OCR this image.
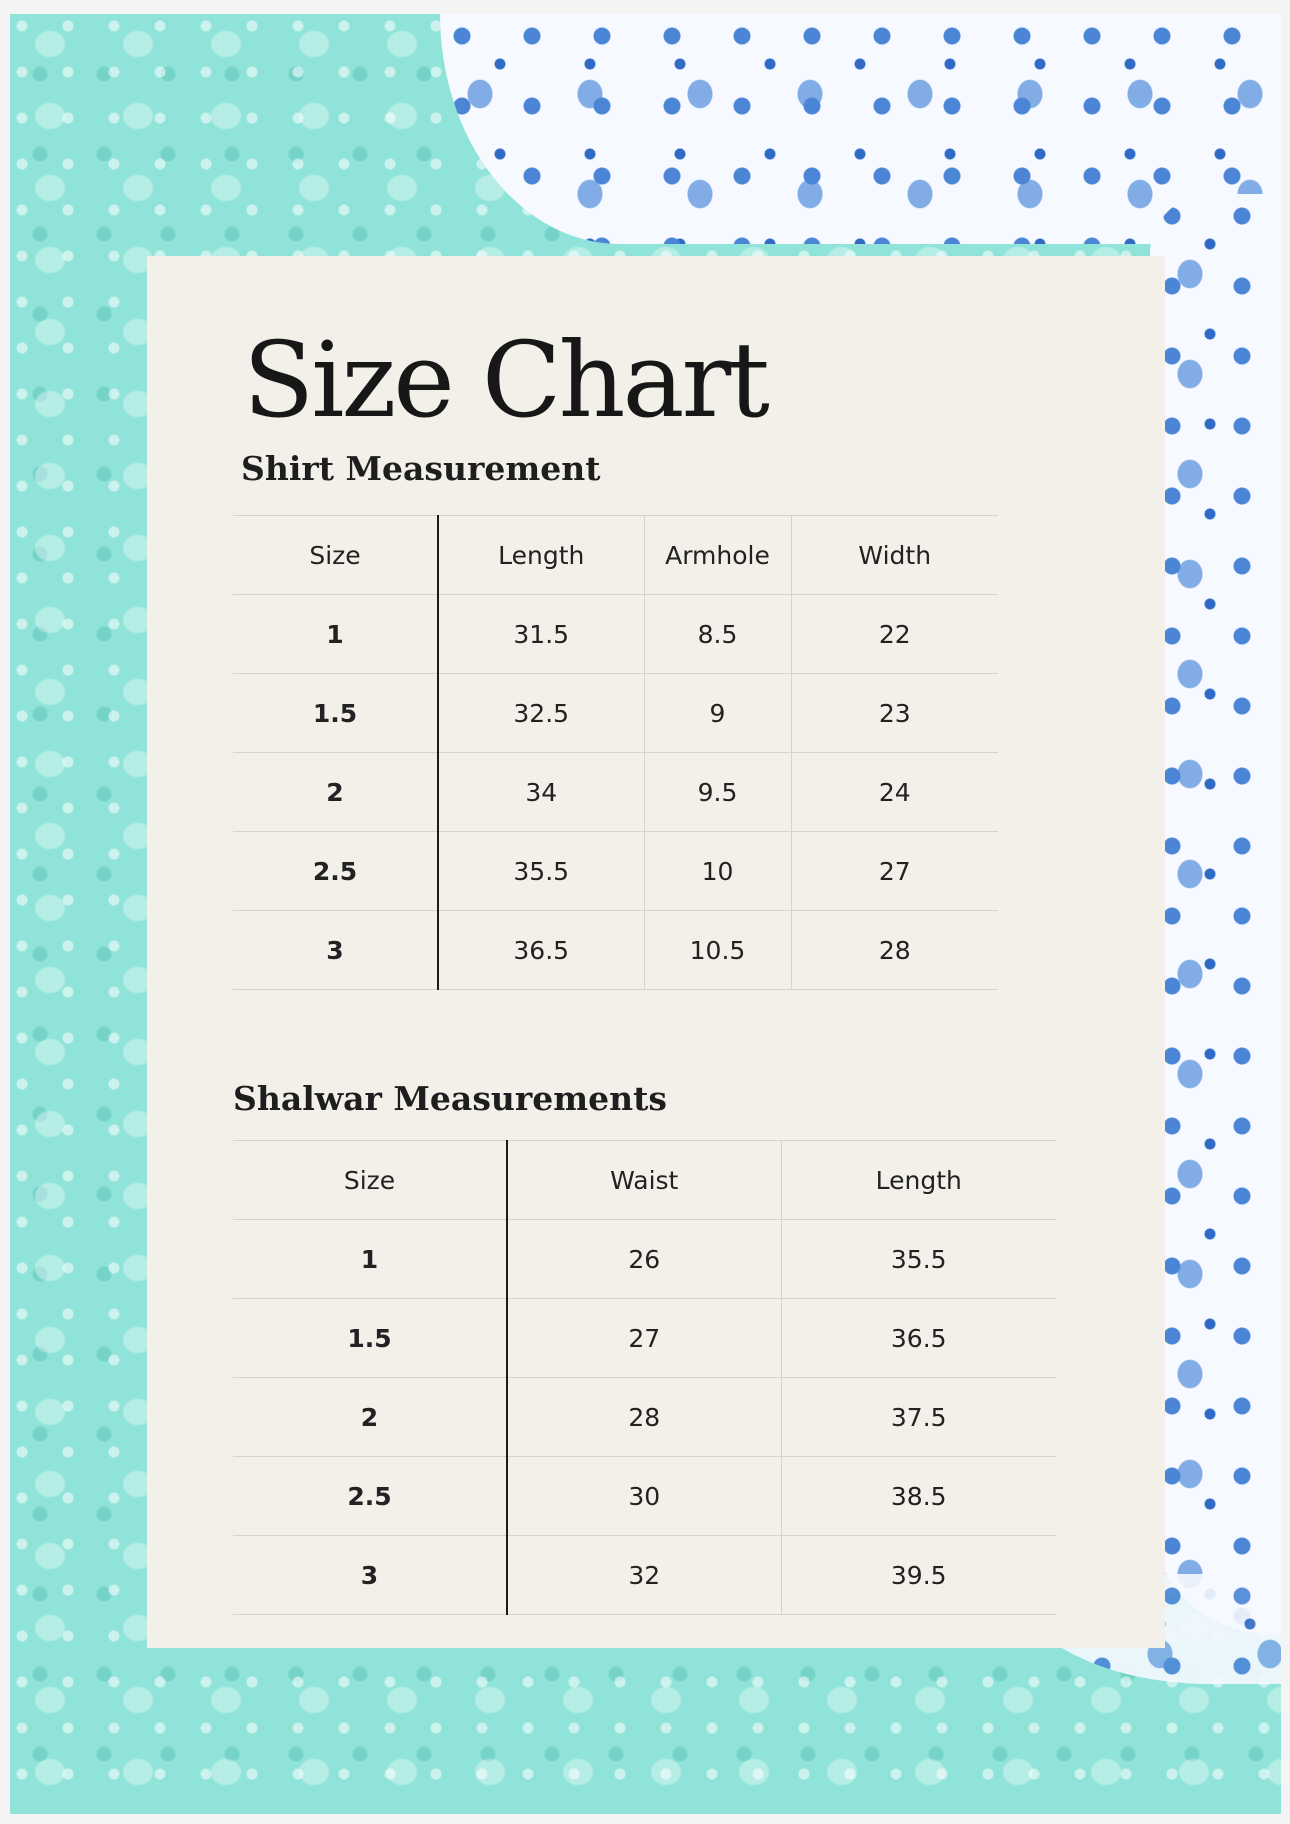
Size Chart
Shirt Measurement
Size	Length	Armhole	Width
1	31.5	8.5	22
1.5	32.5	9	23
2	34	9.5	24
2.5	35.5	10	27
3	36.5	10.5	28
Shalwar Measurements
Size	Waist	Length
1	26	35.5
1.5	27	36.5
2	28	37.5
2.5	30	38.5
3	32	39.5
